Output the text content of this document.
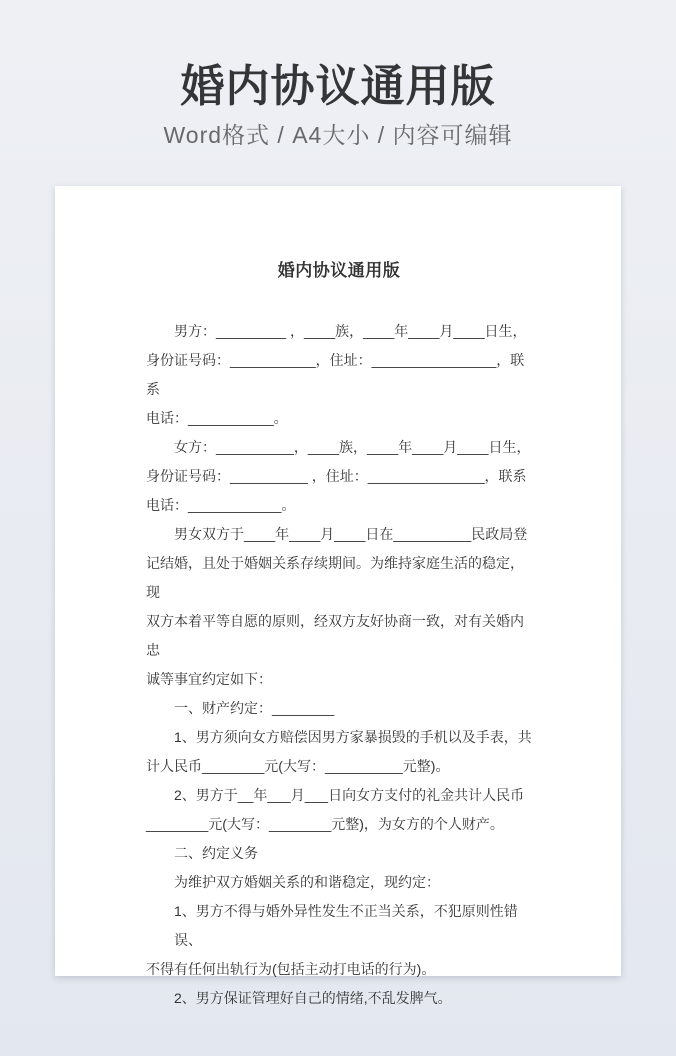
婚内协议通用版

Word格式 / A4大小 / 内容可编辑

婚内协议通用版
男方：_________ ，____族，____年____月____日生，
身份证号码：___________，住址：________________，联系
电话：___________。
女方：__________，____族，____年____月____日生，
身份证号码：__________ ，住址：_______________，联系
电话：____________。
男女双方于____年____月____日在__________民政局登
记结婚，且处于婚姻关系存续期间。为维持家庭生活的稳定，现
双方本着平等自愿的原则，经双方友好协商一致，对有关婚内忠
诚等事宜约定如下：
一、财产约定：________
1、男方须向女方赔偿因男方家暴损毁的手机以及手表，共
计人民币________元(大写：__________元整)。
2、男方于__年___月___日向女方支付的礼金共计人民币
________元(大写：________元整)，为女方的个人财产。
二、约定义务
为维护双方婚姻关系的和谐稳定，现约定：
1、男方不得与婚外异性发生不正当关系，不犯原则性错误、
不得有任何出轨行为(包括主动打电话的行为)。
2、男方保证管理好自己的情绪,不乱发脾气。
